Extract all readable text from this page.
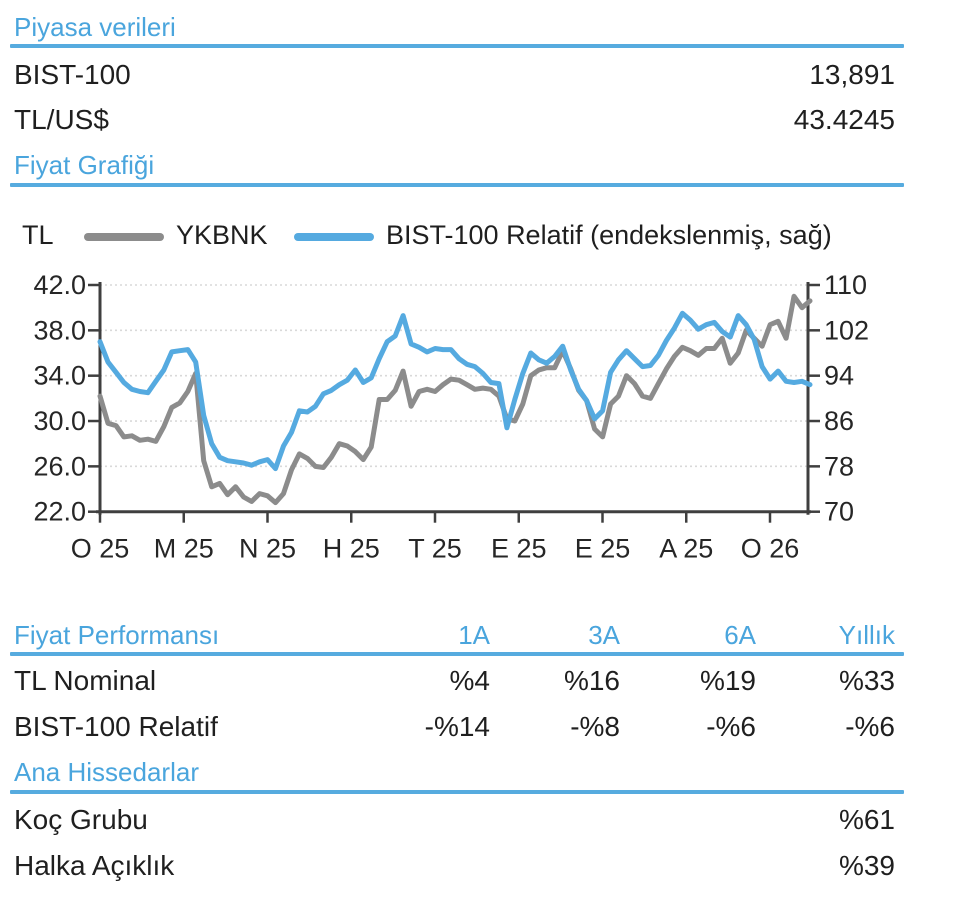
42.0	110
38.0	102
34.0	94
30.0	86
26.0	78
22.0	70
O 25 M 25 N 25 H 25 T 25 E 25 E 25 A 25 O 26
Piyasa verileri
BIST-100	13,891
TL/US$	43.4245
Fiyat Grafiği
TL	YKBNK	BIST-100 Relatif (endekslenmiş, sağ)
Fiyat Performansı	1A	3A	6A	Yıllık
TL Nominal	%4	%16	%19	%33
BIST-100 Relatif	-%14	-%8	-%6	-%6
Ana Hissedarlar
Koç Grubu	%61
Halka Açıklık	%39
